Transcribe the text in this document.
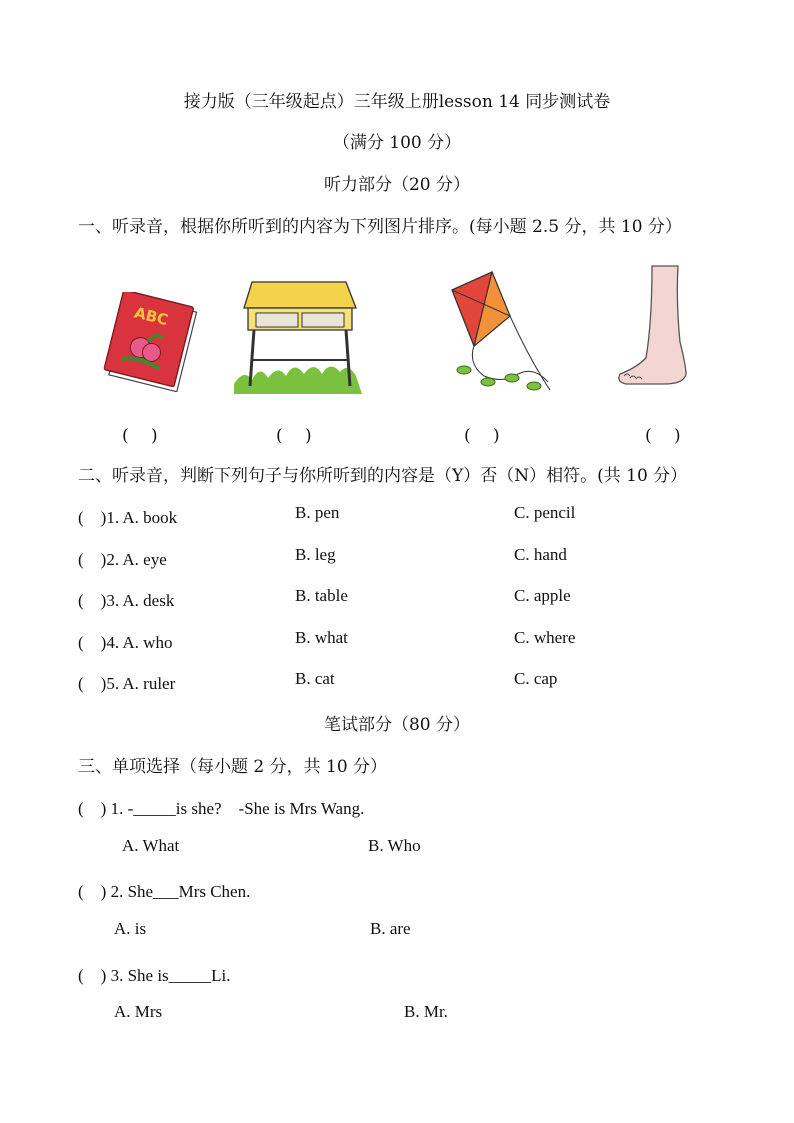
接力版（三年级起点）三年级上册lesson 14 同步测试卷
（满分 100 分）
听力部分（20 分）
一、听录音，根据你所听到的内容为下列图片排序。(每小题 2.5 分，共 10 分）
ABC
(　 )	(　 )	(　 )	(　 )
二、听录音，判断下列句子与你所听到的内容是（Y）否（N）相符。(共 10 分）
(　)1. A. book	B. pen	C. pencil
(　)2. A. eye	B. leg	C. hand
(　)3. A. desk	B. table	C. apple
(　)4. A. who	B. what	C. where
(　)5. A. ruler	B. cat	C. cap
笔试部分（80 分）
三、单项选择（每小题 2 分，共 10 分）
(　) 1. -_____is she?　-She is Mrs Wang.
A. What	B. Who
(　) 2. She___Mrs Chen.
A. is	B. are
(　) 3. She is_____Li.
A. Mrs	B. Mr.
